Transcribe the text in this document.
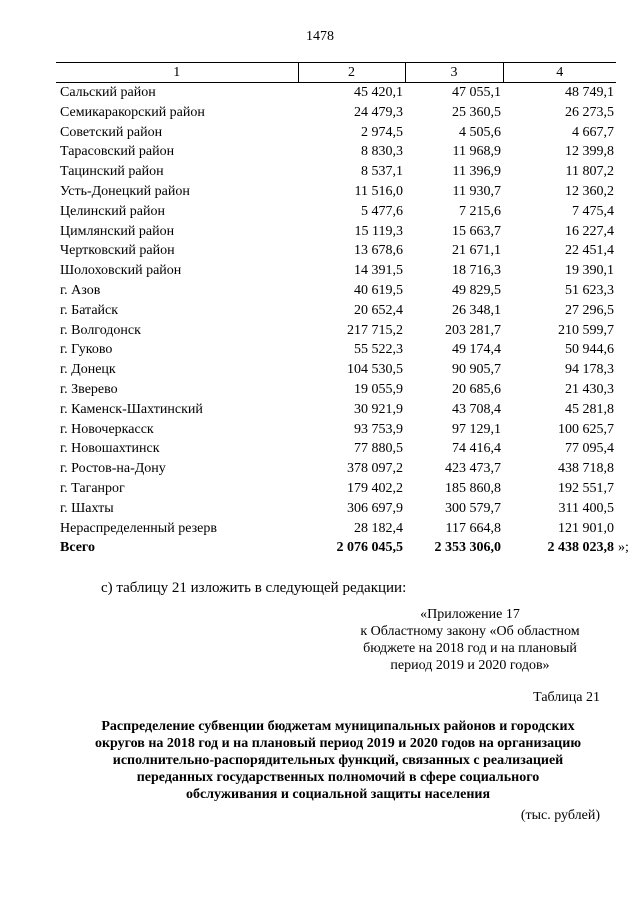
1478
1	2	3	4
Сальский район	45 420,1	47 055,1	48 749,1
Семикаракорский район	24 479,3	25 360,5	26 273,5
Советский район	2 974,5	4 505,6	4 667,7
Тарасовский район	8 830,3	11 968,9	12 399,8
Тацинский район	8 537,1	11 396,9	11 807,2
Усть-Донецкий район	11 516,0	11 930,7	12 360,2
Целинский район	5 477,6	7 215,6	7 475,4
Цимлянский район	15 119,3	15 663,7	16 227,4
Чертковский район	13 678,6	21 671,1	22 451,4
Шолоховский район	14 391,5	18 716,3	19 390,1
г. Азов	40 619,5	49 829,5	51 623,3
г. Батайск	20 652,4	26 348,1	27 296,5
г. Волгодонск	217 715,2	203 281,7	210 599,7
г. Гуково	55 522,3	49 174,4	50 944,6
г. Донецк	104 530,5	90 905,7	94 178,3
г. Зверево	19 055,9	20 685,6	21 430,3
г. Каменск-Шахтинский	30 921,9	43 708,4	45 281,8
г. Новочеркасск	93 753,9	97 129,1	100 625,7
г. Новошахтинск	77 880,5	74 416,4	77 095,4
г. Ростов-на-Дону	378 097,2	423 473,7	438 718,8
г. Таганрог	179 402,2	185 860,8	192 551,7
г. Шахты	306 697,9	300 579,7	311 400,5
Нераспределенный резерв	28 182,4	117 664,8	121 901,0
Всего	2 076 045,5	2 353 306,0	2 438 023,8 »;
с) таблицу 21 изложить в следующей редакции:
«Приложение 17
к Областному закону «Об областном
бюджете на 2018 год и на плановый
период 2019 и 2020 годов»
Таблица 21
Распределение субвенции бюджетам муниципальных районов и городских
округов на 2018 год и на плановый период 2019 и 2020 годов на организацию
исполнительно-распорядительных функций, связанных с реализацией
переданных государственных полномочий в сфере социального
обслуживания и социальной защиты населения
(тыс. рублей)
